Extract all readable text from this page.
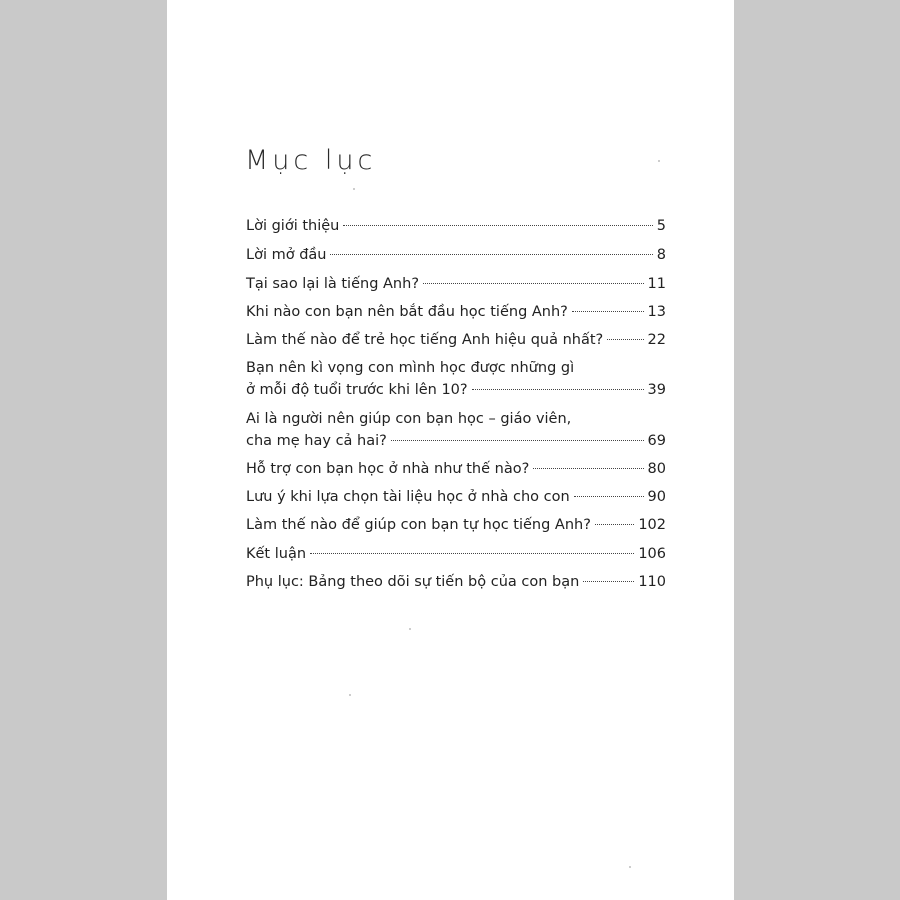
Mục lục
Lời giới thiệu	5
Lời mở đầu	8
Tại sao lại là tiếng Anh?	11
Khi nào con bạn nên bắt đầu học tiếng Anh?	13
Làm thế nào để trẻ học tiếng Anh hiệu quả nhất?	22
Bạn nên kì vọng con mình học được những gì
ở mỗi độ tuổi trước khi lên 10?	39
Ai là người nên giúp con bạn học – giáo viên,
cha mẹ hay cả hai?	69
Hỗ trợ con bạn học ở nhà như thế nào?	80
Lưu ý khi lựa chọn tài liệu học ở nhà cho con	90
Làm thế nào để giúp con bạn tự học tiếng Anh?	102
Kết luận	106
Phụ lục: Bảng theo dõi sự tiến bộ của con bạn	110
